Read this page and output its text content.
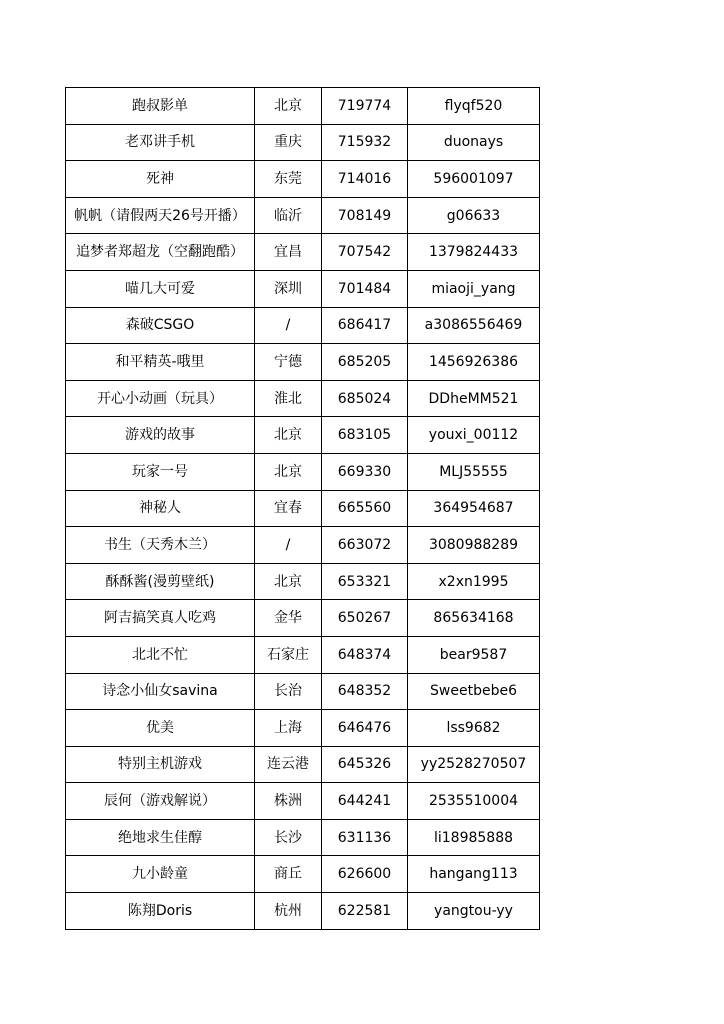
跑叔影单	北京	719774	flyqf520
老邓讲手机	重庆	715932	duonays
死神	东莞	714016	596001097
帆帆（请假两天26号开播）	临沂	708149	g06633
追梦者郑超龙（空翻跑酷）	宜昌	707542	1379824433
喵几大可爱	深圳	701484	miaoji_yang
森破CSGO	/	686417	a3086556469
和平精英-哦里	宁德	685205	1456926386
开心小动画（玩具）	淮北	685024	DDheMM521
游戏的故事	北京	683105	youxi_00112
玩家一号	北京	669330	MLJ55555
神秘人	宜春	665560	364954687
书生（天秀木兰）	/	663072	3080988289
酥酥酱(漫剪壁纸)	北京	653321	x2xn1995
阿吉搞笑真人吃鸡	金华	650267	865634168
北北不忙	石家庄	648374	bear9587
诗念小仙女savina	长治	648352	Sweetbebe6
优美	上海	646476	lss9682
特别主机游戏	连云港	645326	yy2528270507
辰何（游戏解说）	株洲	644241	2535510004
绝地求生佳醇	长沙	631136	li18985888
九小龄童	商丘	626600	hangang113
陈翔Doris	杭州	622581	yangtou-yy
